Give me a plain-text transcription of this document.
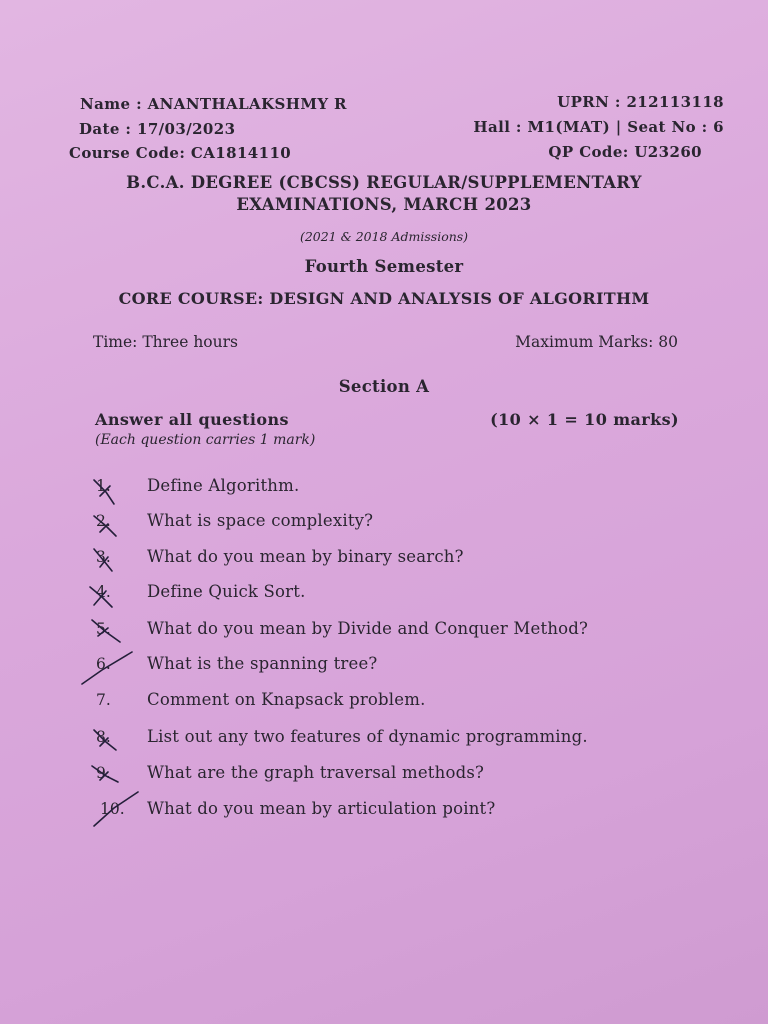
Name : ANANTHALAKSHMY R	UPRN : 212113118
Date : 17/03/2023	Hall : M1(MAT) | Seat No : 6
Course Code: CA1814110	QP Code: U23260
B.C.A. DEGREE (CBCSS) REGULAR/SUPPLEMENTARY
EXAMINATIONS, MARCH 2023
(2021 & 2018 Admissions)
Fourth Semester
CORE COURSE: DESIGN AND ANALYSIS OF ALGORITHM
Time: Three hours	Maximum Marks: 80
Section A
Answer all questions	(10 × 1 = 10 marks)
(Each question carries 1 mark)
1.	Define Algorithm.
2.	What is space complexity?
3.	What do you mean by binary search?
4.	Define Quick Sort.
5.	What do you mean by Divide and Conquer Method?
6.	What is the spanning tree?
7.	Comment on Knapsack problem.
8.	List out any two features of dynamic programming.
9.	What are the graph traversal methods?
10.	What do you mean by articulation point?
